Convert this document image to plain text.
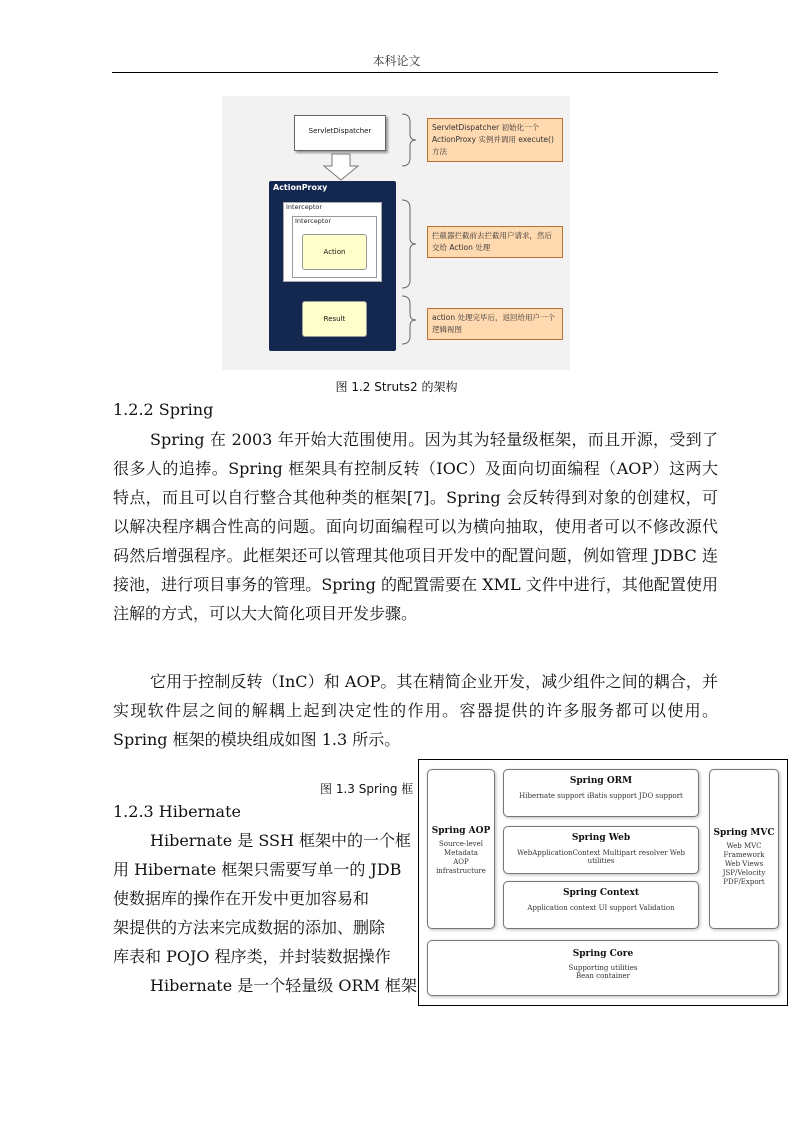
本科论文
ServletDispatcher
ActionProxy
Interceptor
Interceptor
Action
Result
ServletDispatcher 初始化一个 ActionProxy 实例并调用 execute()方法
拦截器拦截前去拦截用户请求，然后交给 Action 处理
action 处理完毕后，返回给用户一个逻辑视图
图 1.2 Struts2 的架构
1.2.2 Spring

Spring 在 2003 年开始大范围使用。因为其为轻量级框架，而且开源，受到了很多人的追捧。Spring 框架具有控制反转（IOC）及面向切面编程（AOP）这两大特点，而且可以自行整合其他种类的框架[7]。Spring 会反转得到对象的创建权，可以解决程序耦合性高的问题。面向切面编程可以为横向抽取，使用者可以不修改源代码然后增强程序。此框架还可以管理其他项目开发中的配置问题，例如管理 JDBC 连接池，进行项目事务的管理。Spring 的配置需要在 XML 文件中进行，其他配置使用注解的方式，可以大大简化项目开发步骤。

它用于控制反转（InC）和 AOP。其在精简企业开发，减少组件之间的耦合，并实现软件层之间的解耦上起到决定性的作用。容器提供的许多服务都可以使用。Spring 框架的模块组成如图 1.3 所示。

图 1.3 Spring 框
1.2.3 Hibernate
Hibernate 是 SSH 框架中的一个框
用 Hibernate 框架只需要写单一的 JDB
使数据库的操作在开发中更加容易和
架提供的方法来完成数据的添加、删除
库表和 POJO 程序类，并封装数据操作
Hibernate 是一个轻量级 ORM 框架
Spring ORM
Hibernate support iBatis support JDO support
Spring Web
WebApplicationContext Multipart resolver Web utilities
Spring Context
Application context UI support Validation
Spring AOP
Source-level
Metadata
AOP infrastructure
Spring MVC
Web MVC
Framework
Web Views
JSP/Velocity
PDF/Export
Spring Core
Supporting utilities
Bean container
